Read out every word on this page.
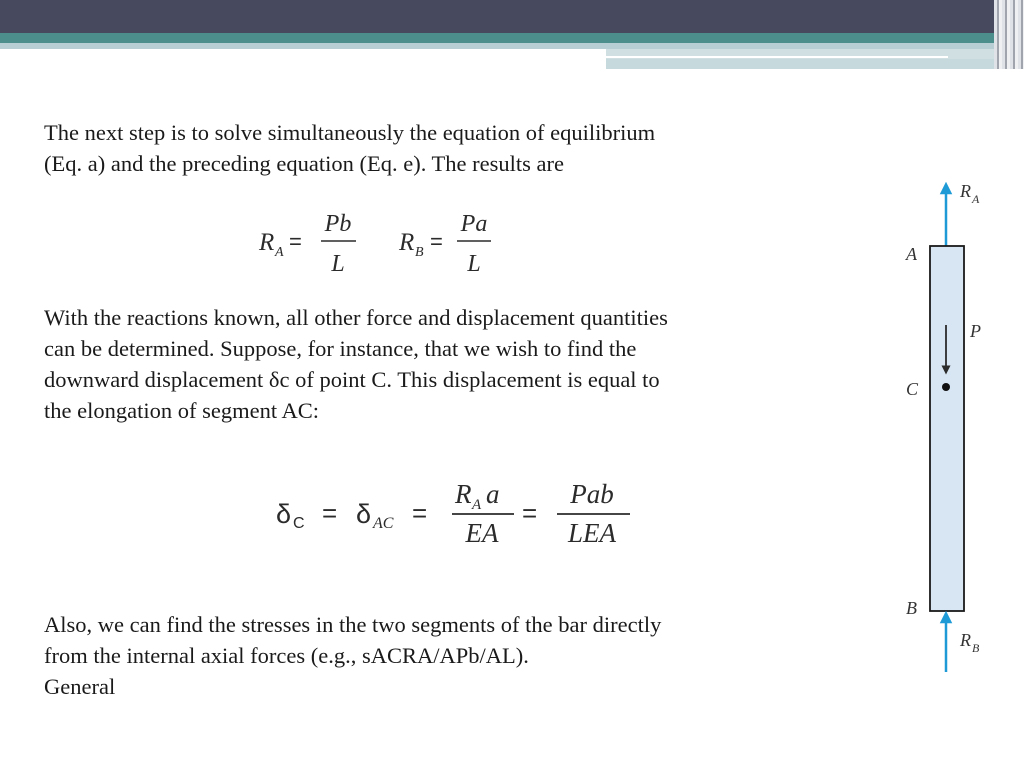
The next step is to solve simultaneously the equation of equilibrium
(Eq. a) and the preceding equation (Eq. e). The results are

R A =
Pb
L
R B =
Pa
L

With the reactions known, all other force and displacement quantities
can be determined. Suppose, for instance, that we wish to find the
downward displacement δc of point C. This displacement is equal to
the elongation of segment AC:

δ C = δ AC =
R A a
EA
=
Pab
LEA

Also, we can find the stresses in the two segments of the bar directly
from the internal axial forces (e.g., sACRA/APb/AL).
General

R A
A
P
C
B
R B
